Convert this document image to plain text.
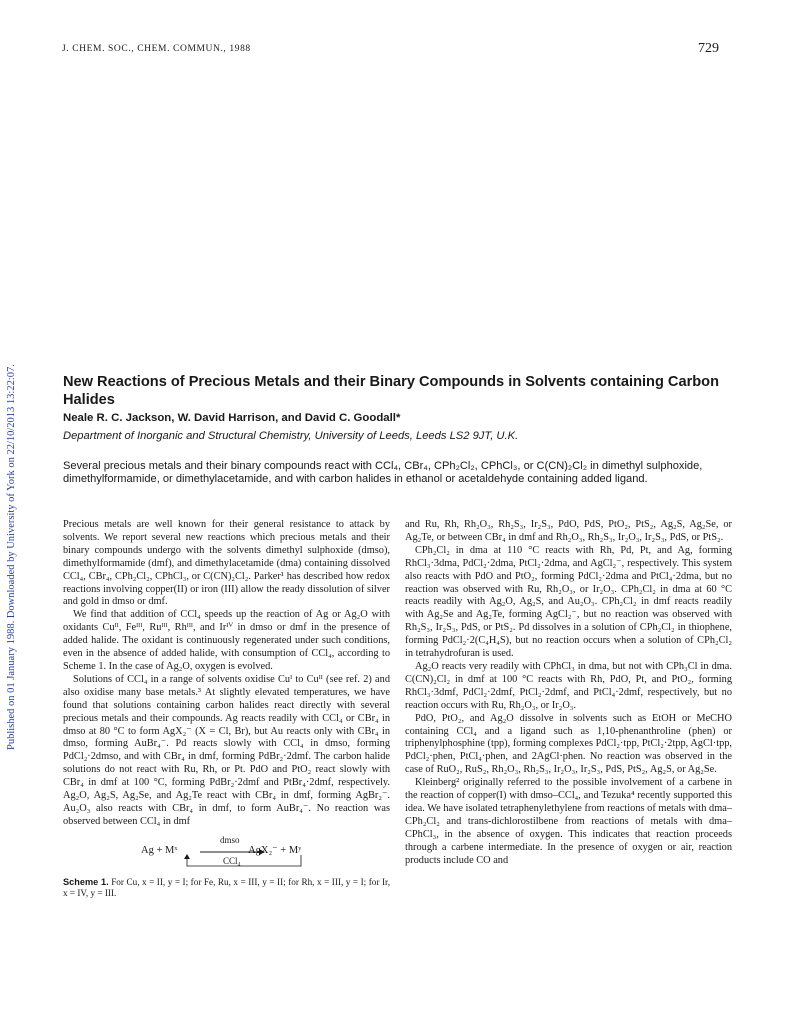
Published on 01 January 1988. Downloaded by University of York on 22/10/2013 13:22:07.
J. CHEM. SOC., CHEM. COMMUN., 1988	729
New Reactions of Precious Metals and their Binary Compounds in Solvents containing Carbon Halides
Neale R. C. Jackson, W. David Harrison, and David C. Goodall*
Department of Inorganic and Structural Chemistry, University of Leeds, Leeds LS2 9JT, U.K.

Several precious metals and their binary compounds react with CCl₄, CBr₄, CPh₂Cl₂, CPhCl₃, or C(CN)₂Cl₂ in dimethyl sulphoxide, dimethylformamide, or dimethylacetamide, and with carbon halides in ethanol or acetaldehyde containing added ligand.

Precious metals are well known for their general resistance to attack by solvents. We report several new reactions which precious metals and their binary compounds undergo with the solvents dimethyl sulphoxide (dmso), dimethylformamide (dmf), and dimethylacetamide (dma) containing dissolved CCl₄, CBr₄, CPh₂Cl₂, CPhCl₃, or C(CN)₂Cl₂. Parker¹ has described how redox reactions involving copper(II) or iron (III) allow the ready dissolution of silver and gold in dmso or dmf.

We find that addition of CCl₄ speeds up the reaction of Ag or Ag₂O with oxidants Cuᴵᴵ, Feᴵᴵᴵ, Ruᴵᴵᴵ, Rhᴵᴵᴵ, and Irᴵⱽ in dmso or dmf in the presence of added halide. The oxidant is continuously regenerated under such conditions, even in the absence of added halide, with consumption of CCl₄, according to Scheme 1. In the case of Ag₂O, oxygen is evolved.

Solutions of CCl₄ in a range of solvents oxidise Cuᴵ to Cuᴵᴵ (see ref. 2) and also oxidise many base metals.³ At slightly elevated temperatures, we have found that solutions containing carbon halides react directly with several precious metals and their compounds. Ag reacts readily with CCl₄ or CBr₄ in dmso at 80 °C to form AgX₂⁻ (X = Cl, Br), but Au reacts only with CBr₄ in dmso, forming AuBr₄⁻. Pd reacts slowly with CCl₄ in dmso, forming PdCl₂·2dmso, and with CBr₄ in dmf, forming PdBr₂·2dmf. The carbon halide solutions do not react with Ru, Rh, or Pt. PdO and PtO₂ react slowly with CBr₄ in dmf at 100 °C, forming PdBr₂·2dmf and PtBr₄·2dmf, respectively. Ag₂O, Ag₂S, Ag₂Se, and Ag₂Te react with CBr₄ in dmf, forming AgBr₂⁻. Au₂O₃ also reacts with CBr₄ in dmf, to form AuBr₄⁻. No reaction was observed between CCl₄ in dmf

dmso
CCl₄
Ag + Mˣ	AgX₂⁻ + Mʸ

Scheme 1. For Cu, x = II, y = I; for Fe, Ru, x = III, y = II; for Rh, x = III, y = I; for Ir, x = IV, y = III.

and Ru, Rh, Rh₂O₃, Rh₂S₃, Ir₂S₃, PdO, PdS, PtO₂, PtS₂, Ag₂S, Ag₂Se, or Ag₂Te, or between CBr₄ in dmf and Rh₂O₃, Rh₂S₃, Ir₂O₃, Ir₂S₃, PdS, or PtS₂.

CPh₂Cl₂ in dma at 110 °C reacts with Rh, Pd, Pt, and Ag, forming RhCl₃·3dma, PdCl₂·2dma, PtCl₂·2dma, and AgCl₂⁻, respectively. This system also reacts with PdO and PtO₂, forming PdCl₂·2dma and PtCl₄·2dma, but no reaction was observed with Ru, Rh₂O₃, or Ir₂O₃. CPh₂Cl₂ in dma at 60 °C reacts readily with Ag₂O, Ag₂S, and Au₂O₃. CPh₂Cl₂ in dmf reacts readily with Ag₂Se and Ag₂Te, forming AgCl₂⁻, but no reaction was observed with Rh₂S₃, Ir₂S₃, PdS, or PtS₂. Pd dissolves in a solution of CPh₂Cl₂ in thiophene, forming PdCl₂·2(C₄H₄S), but no reaction occurs when a solution of CPh₂Cl₂ in tetrahydrofuran is used.

Ag₂O reacts very readily with CPhCl₃ in dma, but not with CPh₃Cl in dma. C(CN)₂Cl₂ in dmf at 100 °C reacts with Rh, PdO, Pt, and PtO₂, forming RhCl₃·3dmf, PdCl₂·2dmf, PtCl₂·2dmf, and PtCl₄·2dmf, respectively, but no reaction occurs with Ru, Rh₂O₃, or Ir₂O₃.

PdO, PtO₂, and Ag₂O dissolve in solvents such as EtOH or MeCHO containing CCl₄ and a ligand such as 1,10-phenanthroline (phen) or triphenylphosphine (tpp), forming complexes PdCl₂·tpp, PtCl₂·2tpp, AgCl·tpp, PdCl₂·phen, PtCl₄·phen, and 2AgCl·phen. No reaction was observed in the case of RuO₂, RuS₂, Rh₂O₃, Rh₂S₃, Ir₂O₃, Ir₂S₃, PdS, PtS₂, Ag₂S, or Ag₂Se.

Kleinberg² originally referred to the possible involvement of a carbene in the reaction of copper(I) with dmso–CCl₄, and Tezuka⁴ recently supported this idea. We have isolated tetraphenylethylene from reactions of metals with dma–CPh₂Cl₂ and trans-dichlorostilbene from reactions of metals with dma–CPhCl₃, in the absence of oxygen. This indicates that reaction proceeds through a carbene intermediate. In the presence of oxygen or air, reaction products include CO and
